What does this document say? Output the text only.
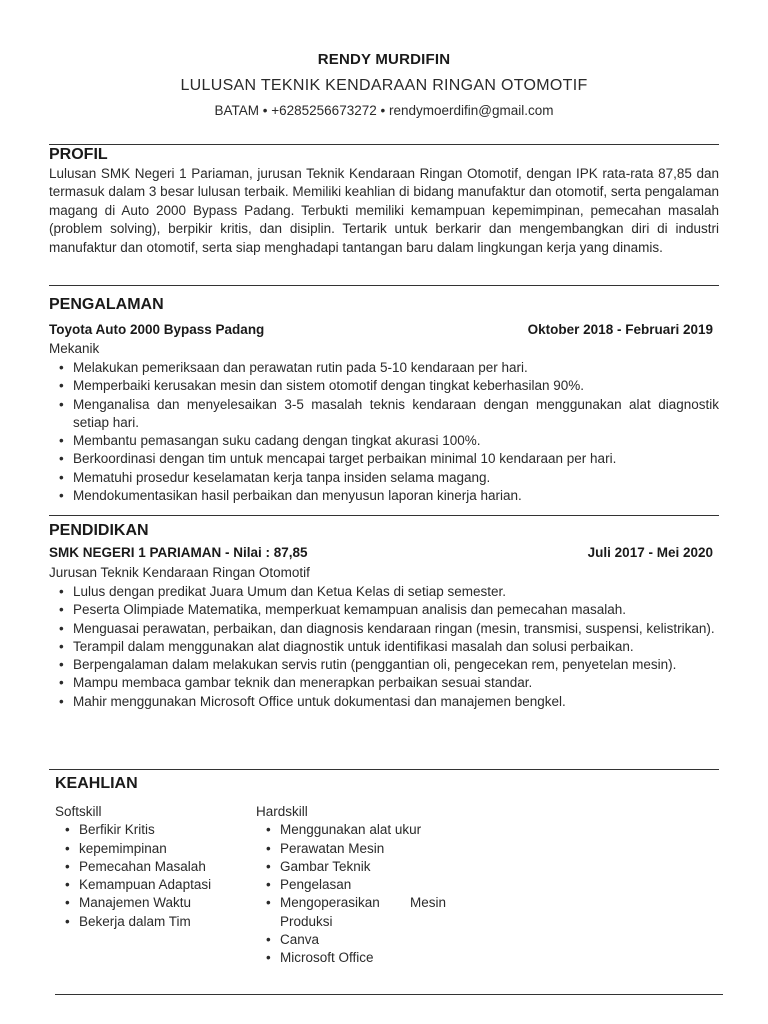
RENDY MURDIFIN
LULUSAN TEKNIK KENDARAAN RINGAN OTOMOTIF
BATAM • +6285256673272 • rendymoerdifin@gmail.com
PROFIL
Lulusan SMK Negeri 1 Pariaman, jurusan Teknik Kendaraan Ringan Otomotif, dengan IPK rata-rata 87,85 dan termasuk dalam 3 besar lulusan terbaik. Memiliki keahlian di bidang manufaktur dan otomotif, serta pengalaman magang di Auto 2000 Bypass Padang. Terbukti memiliki kemampuan kepemimpinan, pemecahan masalah (problem solving), berpikir kritis, dan disiplin. Tertarik untuk berkarir dan mengembangkan diri di industri manufaktur dan otomotif, serta siap menghadapi tantangan baru dalam lingkungan kerja yang dinamis.
PENGALAMAN
Toyota Auto 2000 Bypass Padang	Oktober 2018 - Februari 2019
Mekanik
• Melakukan pemeriksaan dan perawatan rutin pada 5-10 kendaraan per hari.
• Memperbaiki kerusakan mesin dan sistem otomotif dengan tingkat keberhasilan 90%.
• Menganalisa dan menyelesaikan 3-5 masalah teknis kendaraan dengan menggunakan alat diagnostik setiap hari.
• Membantu pemasangan suku cadang dengan tingkat akurasi 100%.
• Berkoordinasi dengan tim untuk mencapai target perbaikan minimal 10 kendaraan per hari.
• Mematuhi prosedur keselamatan kerja tanpa insiden selama magang.
• Mendokumentasikan hasil perbaikan dan menyusun laporan kinerja harian.
PENDIDIKAN
SMK NEGERI 1 PARIAMAN - Nilai : 87,85	Juli 2017 - Mei 2020
Jurusan Teknik Kendaraan Ringan Otomotif
• Lulus dengan predikat Juara Umum dan Ketua Kelas di setiap semester.
• Peserta Olimpiade Matematika, memperkuat kemampuan analisis dan pemecahan masalah.
• Menguasai perawatan, perbaikan, dan diagnosis kendaraan ringan (mesin, transmisi, suspensi, kelistrikan).
• Terampil dalam menggunakan alat diagnostik untuk identifikasi masalah dan solusi perbaikan.
• Berpengalaman dalam melakukan servis rutin (penggantian oli, pengecekan rem, penyetelan mesin).
• Mampu membaca gambar teknik dan menerapkan perbaikan sesuai standar.
• Mahir menggunakan Microsoft Office untuk dokumentasi dan manajemen bengkel.
KEAHLIAN
Softskill
• Berfikir Kritis
• kepemimpinan
• Pemecahan Masalah
• Kemampuan Adaptasi
• Manajemen Waktu
• Bekerja dalam Tim
Hardskill
• Menggunakan alat ukur
• Perawatan Mesin
• Gambar Teknik
• Pengelasan
• Mengoperasikan Mesin Produksi
• Canva
• Microsoft Office
